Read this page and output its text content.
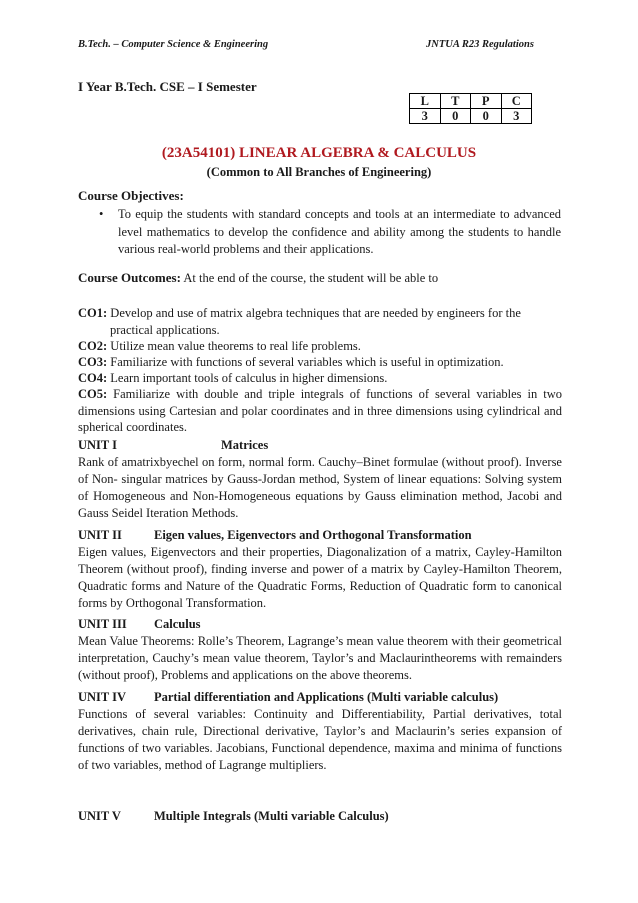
B.Tech. – Computer Science & Engineering	JNTUA R23 Regulations
I Year B.Tech. CSE – I Semester
L	T	P	C
3	0	0	3
(23A54101) LINEAR ALGEBRA & CALCULUS
(Common to All Branches of Engineering)
Course Objectives:
• To equip the students with standard concepts and tools at an intermediate to advanced level mathematics to develop the confidence and ability among the students to handle various real-world problems and their applications.
Course Outcomes: At the end of the course, the student will be able to
CO1: Develop and use of matrix algebra techniques that are needed by engineers for the
practical applications.
CO2: Utilize mean value theorems to real life problems.
CO3: Familiarize with functions of several variables which is useful in optimization.
CO4: Learn important tools of calculus in higher dimensions.
CO5: Familiarize with double and triple integrals of functions of several variables in two dimensions using Cartesian and polar coordinates and in three dimensions using cylindrical and spherical coordinates.
UNIT I	Matrices
Rank of amatrixbyechel on form, normal form. Cauchy–Binet formulae (without proof). Inverse of Non- singular matrices by Gauss-Jordan method, System of linear equations: Solving system of Homogeneous and Non-Homogeneous equations by Gauss elimination method, Jacobi and Gauss Seidel Iteration Methods.
UNIT II	Eigen values, Eigenvectors and Orthogonal Transformation
Eigen values, Eigenvectors and their properties, Diagonalization of a matrix, Cayley-Hamilton Theorem (without proof), finding inverse and power of a matrix by Cayley-Hamilton Theorem, Quadratic forms and Nature of the Quadratic Forms, Reduction of Quadratic form to canonical forms by Orthogonal Transformation.
UNIT III Calculus
Mean Value Theorems: Rolle’s Theorem, Lagrange’s mean value theorem with their geometrical interpretation, Cauchy’s mean value theorem, Taylor’s and Maclaurintheorems with remainders (without proof), Problems and applications on the above theorems.
UNIT IV Partial differentiation and Applications (Multi variable calculus)
Functions of several variables: Continuity and Differentiability, Partial derivatives, total derivatives, chain rule, Directional derivative, Taylor’s and Maclaurin’s series expansion of functions of two variables. Jacobians, Functional dependence, maxima and minima of functions of two variables, method of Lagrange multipliers.
UNIT V	Multiple Integrals (Multi variable Calculus)
